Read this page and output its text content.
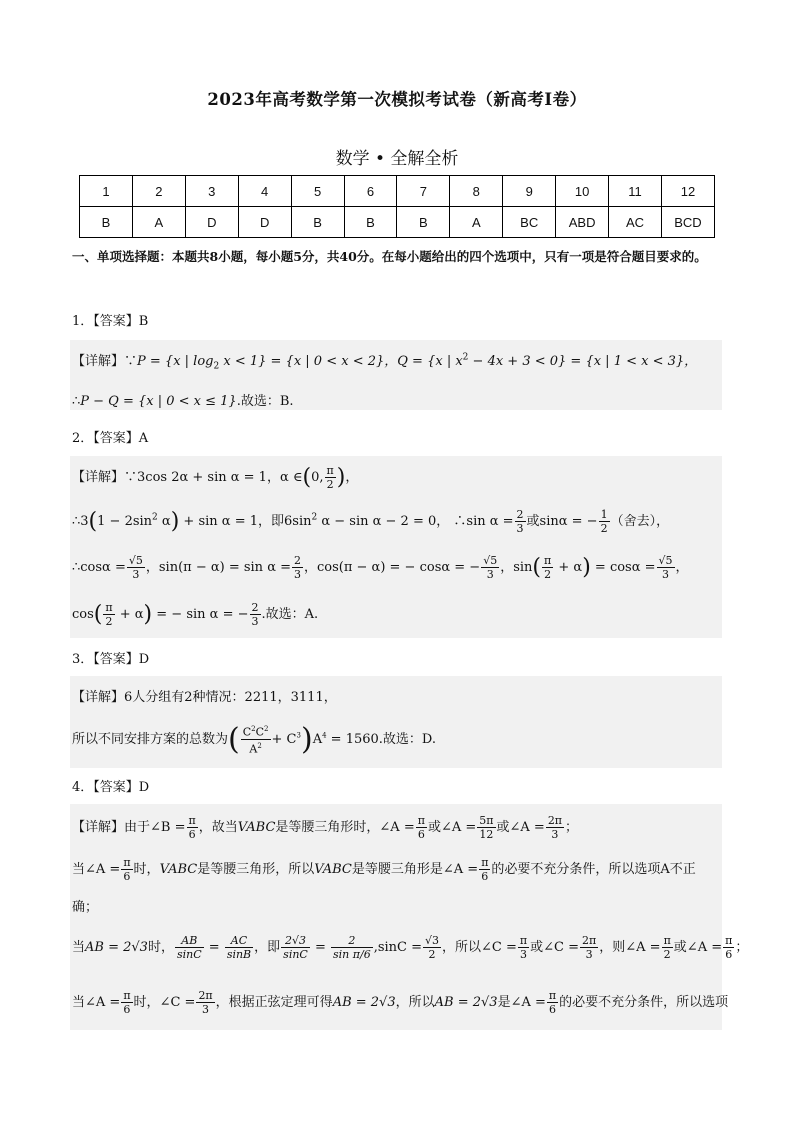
2023年高考数学第一次模拟考试卷（新高考Ⅰ卷）
数学 • 全解全析
1	2	3	4	5	6	7	8	9	10	11	12
B	A	D	D	B	B	B	A	BC	ABD	AC	BCD
一、单项选择题：本题共8小题，每小题5分，共40分。在每小题给出的四个选项中，只有一项是符合题目要求的。
1．【答案】B
【详解】∵P = {x | $\log_2 x < 1\} = \{x$ | 0 < x < 2}，Q = {x | $x^2 - 4x + 3 < 0\} = \{x$ | 1 < x < 3}，
∴P − Q = {x | 0 < x ≤ 1}.故选：B.
2．【答案】A
【详解】∵3cos 2α + sin α = 1，α ∈(0, $\frac{\pi}{2}$ )，
∴3(1 − $2\sin^2$ α) + sin α = 1，即$6\sin^2$ α − sin α − 2 = 0， ∴sin $\alpha = \frac{2}{3}$ 或sinα = − $\frac{1}{2}$ （舍去），
∴cosα = $\frac{√5}{3}$ ，$\sin(\pi - \alpha) = \sin \alpha = \frac{2}{3}$ ，cos(π − α) = − cosα = − $\frac{√5}{3}$ ，$\sin( \frac{\pi}{2} + \alpha) = \cos\alpha = \frac{√5}{3}$ ，
$\cos( \frac{\pi}{2} + \alpha)$ = − sin α = − $\frac{2}{3}$ .故选：A.
3．【答案】D
【详解】6人分组有2种情况：2211，3111，
所以不同安排方案的总数为( $\frac{C^2C^2}{A^2} + C^3)A^4 = 1560$.故选：D.
4．【答案】D
【详解】由于∠B = $\frac{\pi}{6}$ ，故当VABC是等腰三角形时，∠A = $\frac{\pi}{6}$ 或∠A = $\frac{5\pi}{12}$ 或∠A = $\frac{2\pi}{3}$ ；
当∠A = $\frac{\pi}{6}$ 时，VABC是等腰三角形，所以VABC是等腰三角形是∠A = $\frac{\pi}{6}$ 的必要不充分条件，所以选项A不正
确；
当AB = 2√3时， $\frac{AB}{\sin C} = \frac{AC}{\sin B}$ ，即 $\frac{2√3}{\sin C} = \frac{2}{\text{sin π/6}} ,\sin C = \frac{√3}{2}$ ，所以∠C = $\frac{\pi}{3}$ 或∠C = $\frac{2\pi}{3}$ ，则∠A = $\frac{\pi}{2}$ 或∠A = $\frac{\pi}{6}$ ；
当∠A = $\frac{\pi}{6}$ 时，∠C = $\frac{2\pi}{3}$ ，根据正弦定理可得AB = 2√3，所以AB = 2√3是∠A = $\frac{\pi}{6}$ 的必要不充分条件，所以选项
